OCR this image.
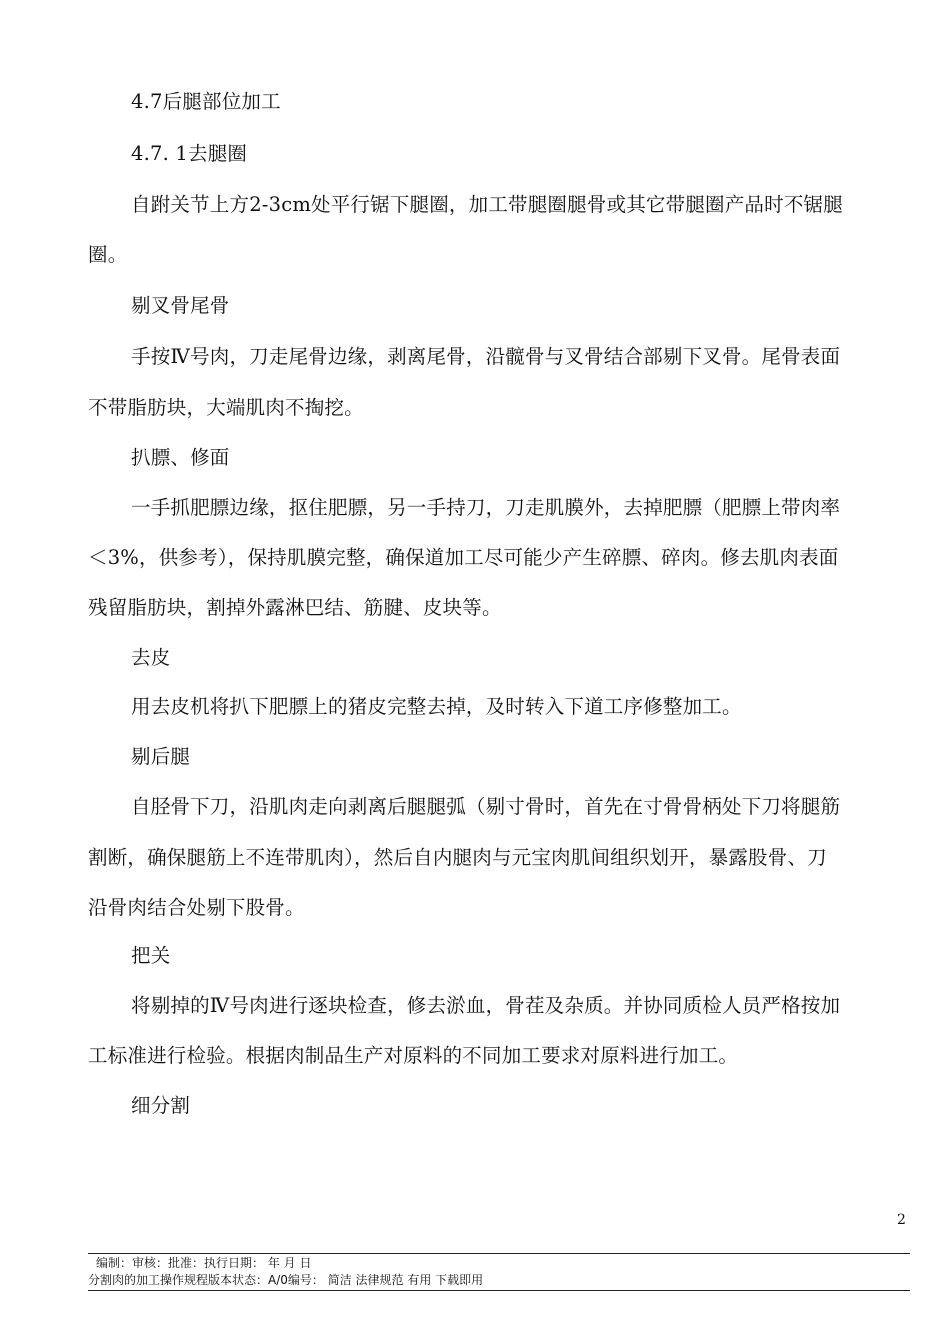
4.7后腿部位加工
4.7. 1去腿圈
自跗关节上方2-3cm处平行锯下腿圈，加工带腿圈腿骨或其它带腿圈产品时不锯腿
圈。
剔叉骨尾骨
手按Ⅳ号肉，刀走尾骨边缘，剥离尾骨，沿髋骨与叉骨结合部剔下叉骨。尾骨表面
不带脂肪块，大端肌肉不掏挖。
扒膘、修面
一手抓肥膘边缘，抠住肥膘，另一手持刀，刀走肌膜外，去掉肥膘（肥膘上带肉率
＜3%，供参考），保持肌膜完整，确保道加工尽可能少产生碎膘、碎肉。修去肌肉表面
残留脂肪块，割掉外露淋巴结、筋腱、皮块等。
去皮
用去皮机将扒下肥膘上的猪皮完整去掉，及时转入下道工序修整加工。
剔后腿
自胫骨下刀，沿肌肉走向剥离后腿腿弧（剔寸骨时，首先在寸骨骨柄处下刀将腿筋
割断，确保腿筋上不连带肌肉），然后自内腿肉与元宝肉肌间组织划开，暴露股骨、刀
沿骨肉结合处剔下股骨。
把关
将剔掉的Ⅳ号肉进行逐块检查，修去淤血，骨茬及杂质。并协同质检人员严格按加
工标准进行检验。根据肉制品生产对原料的不同加工要求对原料进行加工。
细分割
2
编制：审核：批准：执行日期： 年 月 日
分割肉的加工操作规程版本状态：A/0编号： 简洁 法律规范 有用 下载即用
